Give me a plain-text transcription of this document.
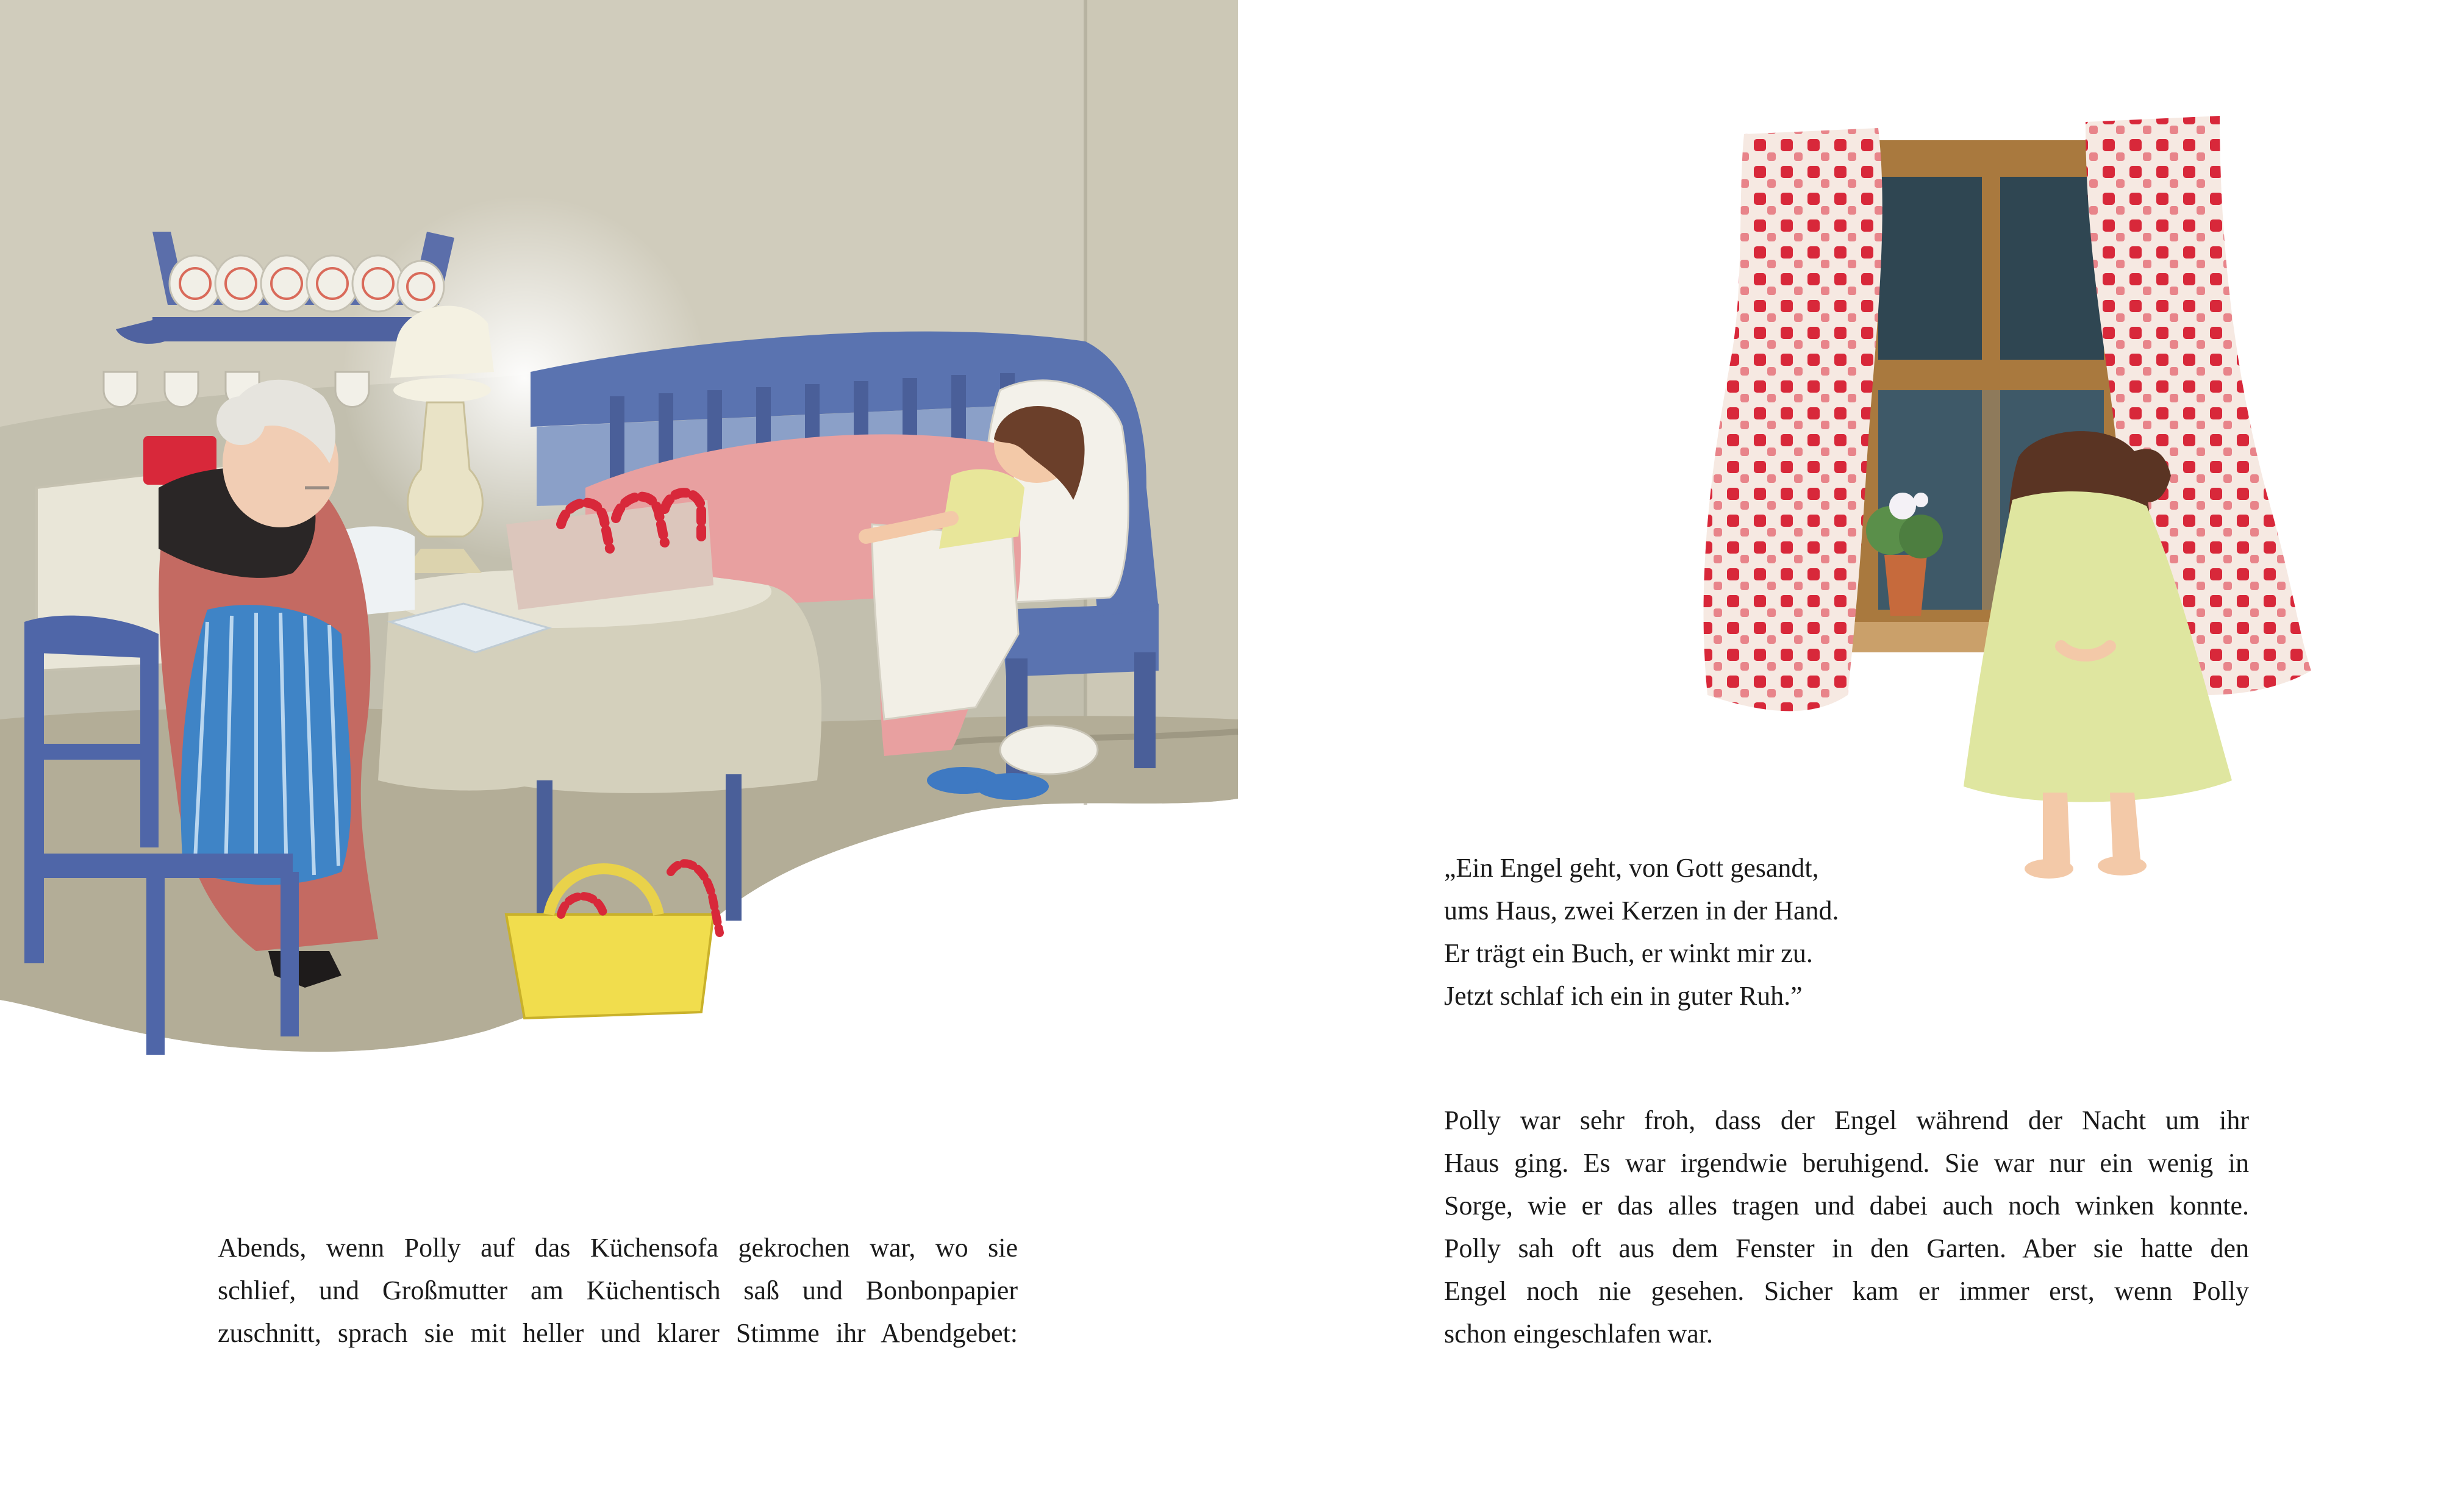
Abends, wenn Polly auf das Küchensofa gekrochen war, wo sie
schlief, und Großmutter am Küchentisch saß und Bonbonpapier
zuschnitt, sprach sie mit heller und klarer Stimme ihr Abendgebet:
„Ein Engel geht, von Gott gesandt,
ums Haus, zwei Kerzen in der Hand.
Er trägt ein Buch, er winkt mir zu.
Jetzt schlaf ich ein in guter Ruh.”
Polly war sehr froh, dass der Engel während der Nacht um ihr
Haus ging. Es war irgendwie beruhigend. Sie war nur ein wenig in
Sorge, wie er das alles tragen und dabei auch noch winken konnte.
Polly sah oft aus dem Fenster in den Garten. Aber sie hatte den
Engel noch nie gesehen. Sicher kam er immer erst, wenn Polly
schon eingeschlafen war.
